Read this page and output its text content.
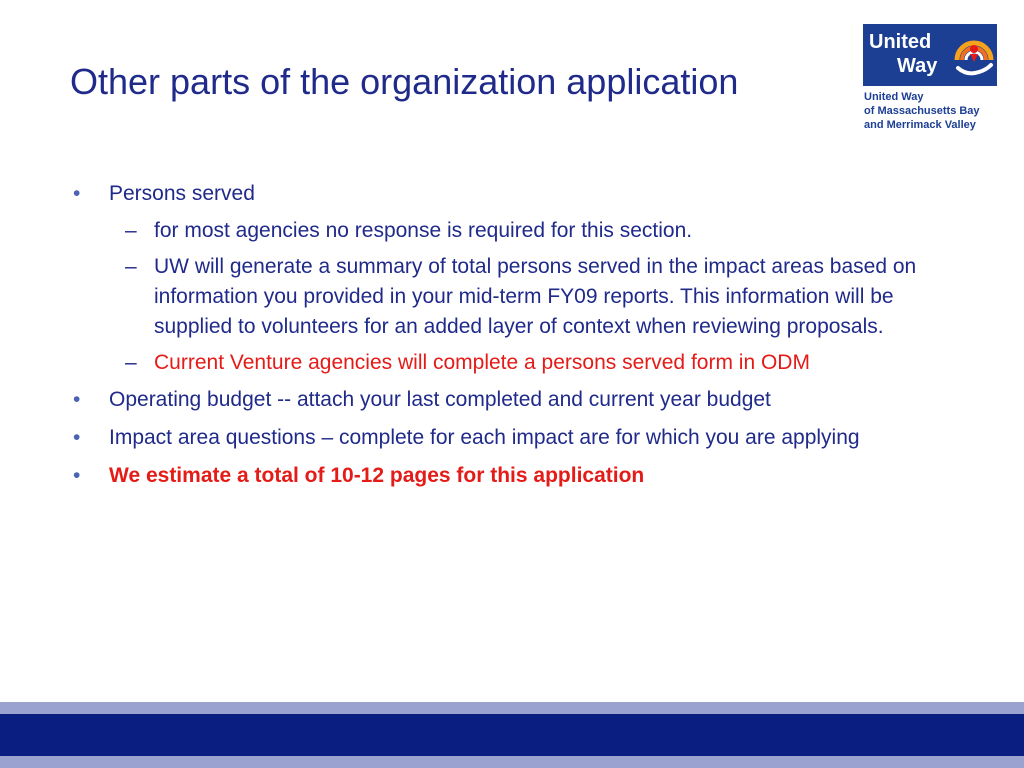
Other parts of the organization application
United
Way
United Way
of Massachusetts Bay
and Merrimack Valley
• Persons served
– for most agencies no response is required for this section.
– UW will generate a summary of total persons served in the impact areas based on information you provided in your mid-term FY09 reports. This information will be supplied to volunteers for an added layer of context when reviewing proposals.
– Current Venture agencies will complete a persons served form in ODM
• Operating budget -- attach your last completed and current year budget
• Impact area questions – complete for each impact are for which you are applying
• We estimate a total of 10-12 pages for this application
